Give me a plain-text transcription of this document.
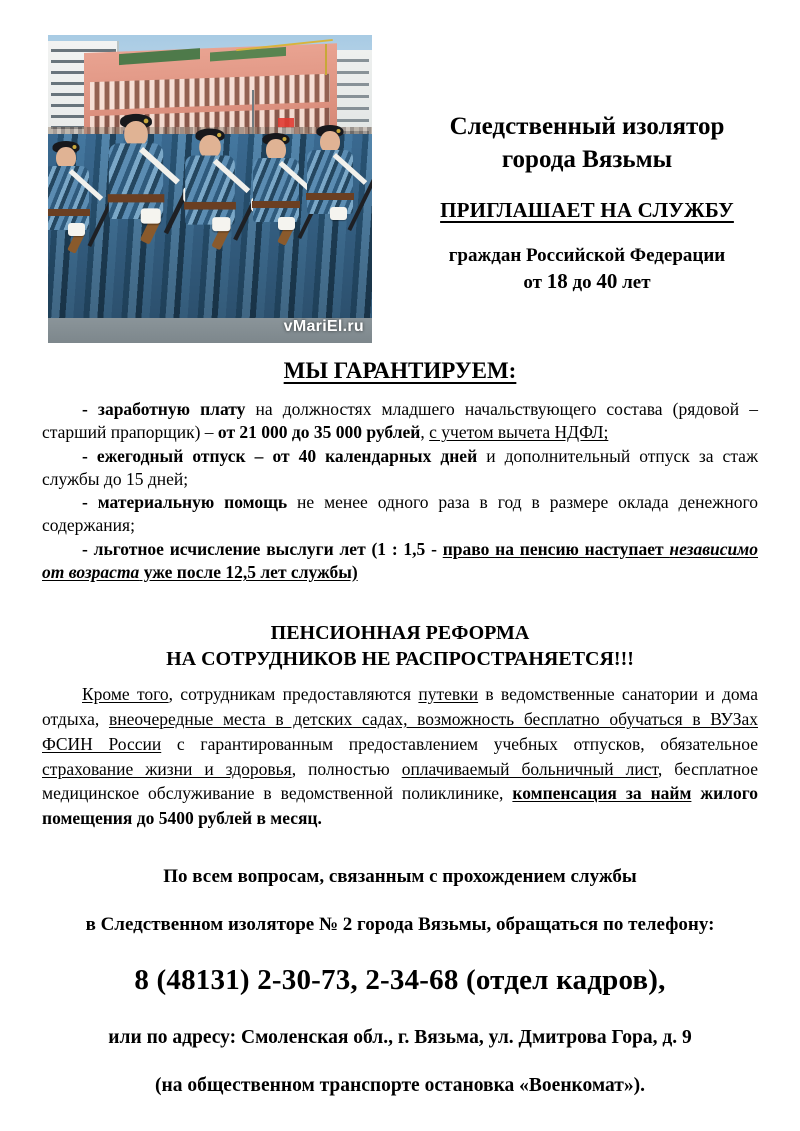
vMariEl.ru
Следственный изолятор
города Вязьмы
ПРИГЛАШАЕТ НА СЛУЖБУ
граждан Российской Федерации
от 18 до 40 лет
МЫ ГАРАНТИРУЕМ:

- заработную плату на должностях младшего начальствующего состава (рядовой – старший прапорщик) – от 21 000 до 35 000 рублей, с учетом вычета НДФЛ;

- ежегодный отпуск – от 40 календарных дней и дополнительный отпуск за стаж службы до 15 дней;

- материальную помощь не менее одного раза в год в размере оклада денежного содержания;

- льготное исчисление выслуги лет (1 : 1,5 - право на пенсию наступает независимо от возраста уже после 12,5 лет службы)

ПЕНСИОННАЯ РЕФОРМА
НА СОТРУДНИКОВ НЕ РАСПРОСТРАНЯЕТСЯ!!!

Кроме того, сотрудникам предоставляются путевки в ведомственные санатории и дома отдыха, внеочередные места в детских садах, возможность бесплатно обучаться в ВУЗах ФСИН России с гарантированным предоставлением учебных отпусков, обязательное страхование жизни и здоровья, полностью оплачиваемый больничный лист, бесплатное медицинское обслуживание в ведомственной поликлинике, компенсация за найм жилого помещения до 5400 рублей в месяц.

По всем вопросам, связанным с прохождением службы

в Следственном изоляторе № 2 города Вязьмы, обращаться по телефону:

8 (48131) 2-30-73, 2-34-68 (отдел кадров),

или по адресу: Смоленская обл., г. Вязьма, ул. Дмитрова Гора, д. 9

(на общественном транспорте остановка «Военкомат»).
